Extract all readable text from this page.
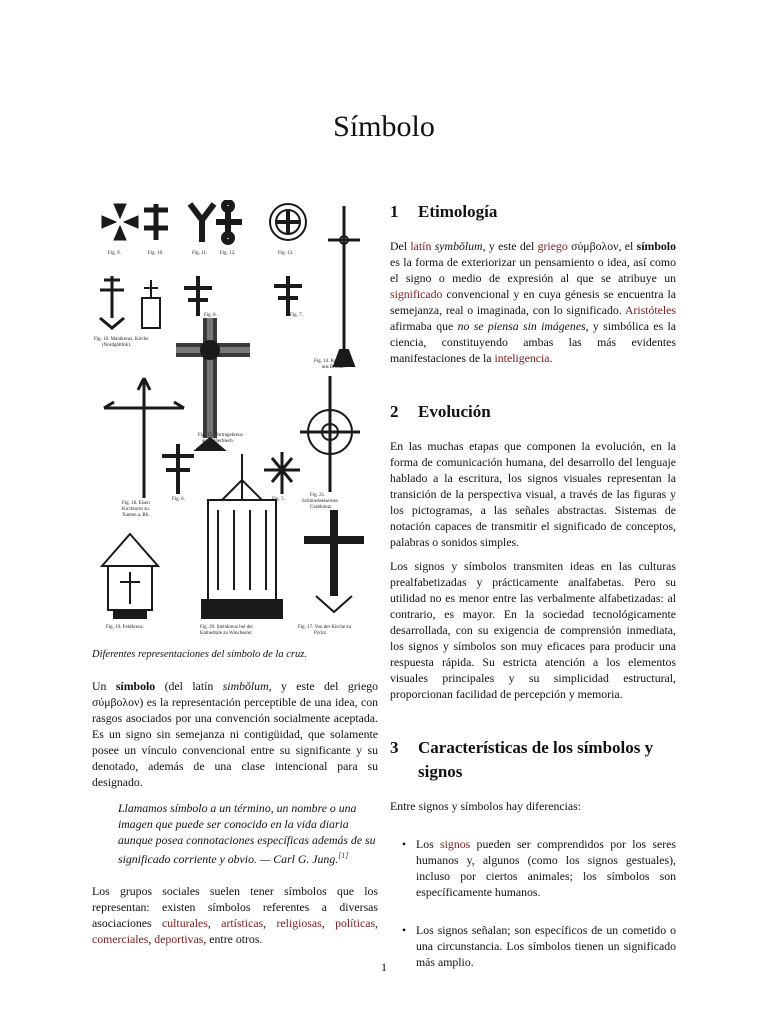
Símbolo
Fig. 9.	Fig. 10.	Fig. 11.	Fig. 12.	Fig. 13.
Fig. 16. Mantkreuz, Kirche
(Nordgöttink).
Fig. 8.	Fig. 7.
Fig. 14. Kruzifix
aus Bronze.
Fig. 15. Vortragekreuz
aus Silberblech.
Fig. 18. Eisen
Kirchturm zu
Xanten a. Rh.
Fig. 6.	Fig. 5.
Fig. 21.
Schmiedeeisernes
Grabkreuz.
Fig. 19. Feldkreuz.	Fig. 20. Steinkreuz bei der
Kathedrale zu Winchester.
Fig. 17. Von der Kirche zu
Pyritz.

Diferentes representaciones del símbolo de la cruz.

Un símbolo (del latín simbŏlum, y este del griego σύμβολον) es la representación perceptible de una idea, con rasgos asociados por una convención socialmente aceptada. Es un signo sin semejanza ni contigüidad, que solamente posee un vínculo convencional entre su significante y su denotado, además de una clase intencional para su designado.

Llamamos símbolo a un término, un nombre o una imagen que puede ser conocido en la vida diaria aunque posea connotaciones específicas además de su significado corriente y obvio. — Carl G. Jung.[1]

Los grupos sociales suelen tener símbolos que los representan: existen símbolos referentes a diversas asociaciones culturales, artísticas, religiosas, políticas, comerciales, deportivas, entre otros.

1	Etimología

Del latín symbŏlum, y este del griego σύμβολον, el símbolo es la forma de exteriorizar un pensamiento o idea, así como el signo o medio de expresión al que se atribuye un significado convencional y en cuya génesis se encuentra la semejanza, real o imaginada, con lo significado. Aristóteles afirmaba que no se piensa sin imágenes, y simbólica es la ciencia, constituyendo ambas las más evidentes manifestaciones de la inteligencia.

2	Evolución

En las muchas etapas que componen la evolución, en la forma de comunicación humana, del desarrollo del lenguaje hablado a la escritura, los signos visuales representan la transición de la perspectiva visual, a través de las figuras y los pictogramas, a las señales abstractas. Sistemas de notación capaces de transmitir el significado de conceptos, palabras o sonidos simples.

Los signos y símbolos transmiten ideas en las culturas prealfabetizadas y prácticamente analfabetas. Pero su utilidad no es menor entre las verbalmente alfabetizadas: al contrario, es mayor. En la sociedad tecnológicamente desarrollada, con su exigencia de comprensión inmediata, los signos y símbolos son muy eficaces para producir una respuesta rápida. Su estricta atención a los elementos visuales principales y su simplicidad estructural, proporcionan facilidad de percepción y memoria.

3	Características de los símbolos y signos

Entre signos y símbolos hay diferencias:

• Los signos pueden ser comprendidos por los seres humanos y, algunos (como los signos gestuales), incluso por ciertos animales; los símbolos son específicamente humanos.
• Los signos señalan; son específicos de un cometido o una circunstancia. Los símbolos tienen un significado más amplio.
1
